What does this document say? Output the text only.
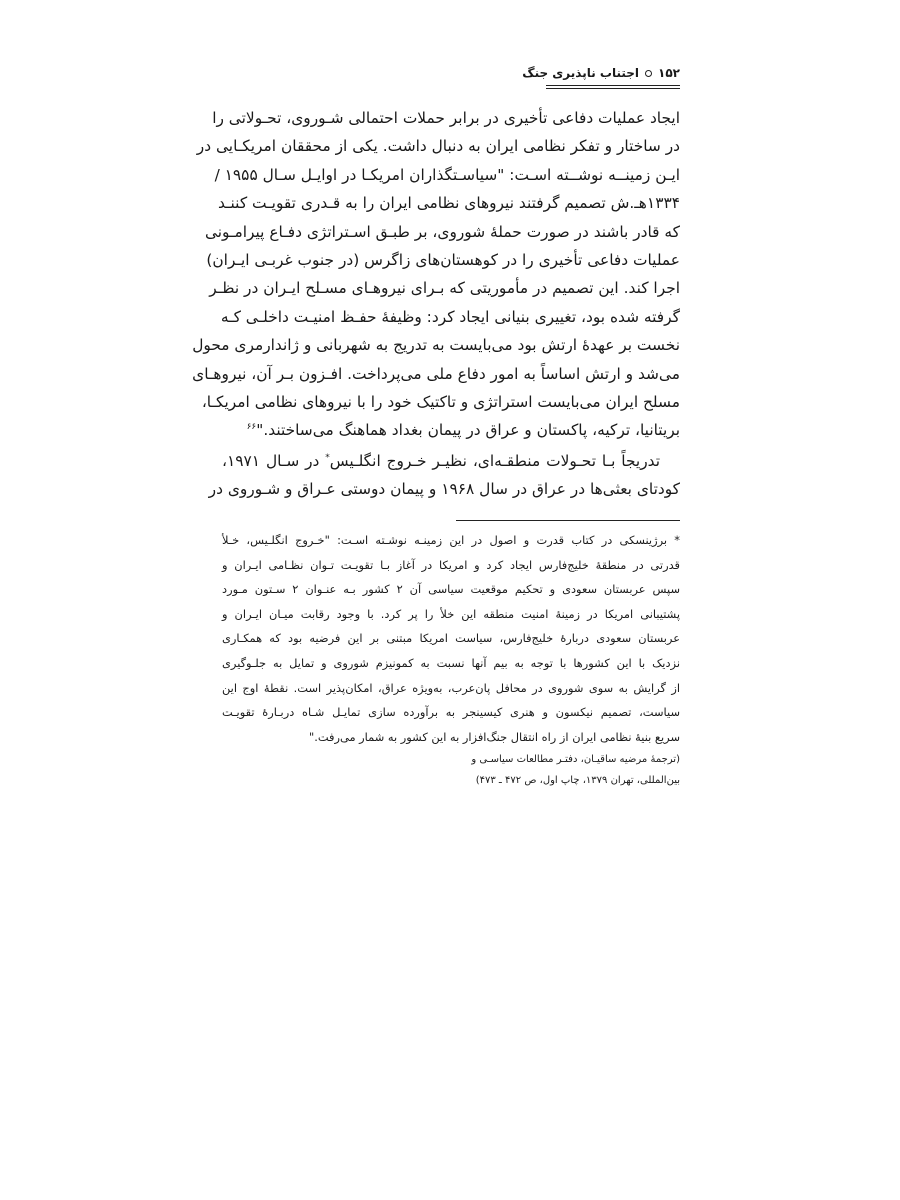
۱۵۲
اجتناب ناپذیری جنگ

ایجاد عملیات دفاعی تأخیری در برابر حملات احتمالی شـوروی، تحـولاتی را
در ساختار و تفکر نظامی ایران به دنبال داشت. یکی از محققان امریکـایی در
ایـن زمینــه نوشــته اسـت: "سیاسـتگذاران امریکـا در اوایـل سـال ۱۹۵۵ /
۱۳۳۴هـ.ش تصمیم گرفتند نیروهای نظامی ایران را به قـدری تقویـت کننـد
که قادر باشند در صورت حملهٔ شوروی، بر طبـق اسـتراتژی دفـاع پیرامـونی
عملیات دفاعی تأخیری را در کوهستان‌های زاگرس (در جنوب غربـی ایـران)
اجرا کند. این تصمیم در مأموریتی که بـرای نیروهـای مسـلح ایـران در نظـر
گرفته شده بود، تغییری بنیانی ایجاد کرد: وظیفهٔ حفـظ امنیـت داخلـی کـه
نخست بر عهدهٔ ارتش بود می‌بایست به تدریج به شهربانی و ژاندارمری محول
می‌شد و ارتش اساساً به امور دفاع ملی می‌پرداخت. افـزون بـر آن، نیروهـای
مسلح ایران می‌بایست استراتژی و تاکتیک خود را با نیروهای نظامی امریکـا،
بریتانیا، ترکیه، پاکستان و عراق در پیمان بغداد هماهنگ می‌ساختند."$^{۶۶}$

تدریجاً بـا تحـولات منطقـه‌ای، نظیـر خـروج انگلـیس* در سـال ۱۹۷۱،
کودتای بعثی‌ها در عراق در سال ۱۹۶۸ و پیمان دوستی عـراق و شـوروی در

* برژینسکی در کتاب قدرت و اصول در این زمینـه نوشـته اسـت: "خـروج انگلـیس، خـلأ
قدرتی در منطقهٔ خلیج‌فارس ایجاد کرد و امریکا در آغاز بـا تقویـت تـوان نظـامی ایـران و
سپس عربستان سعودی و تحکیم موقعیت سیاسی آن ۲ کشور بـه عنـوان ۲ سـتون مـورد
پشتیبانی امریکا در زمینهٔ امنیت منطقه این خلأ را پر کرد. با وجود رقابت میـان ایـران و
عربستان سعودی دربارهٔ خلیج‌فارس، سیاست امریکا مبتنی بر این فرضیه بود که همکـاری
نزدیک با این کشورها با توجه به بیم آنها نسبت به کمونیزم شوروی و تمایل به جلـوگیری
از گرایش به سوی شوروی در محافل پان‌عرب، به‌ویژه عراق، امکان‌پذیر است. نقطهٔ اوج این
سیاست، تصمیم نیکسون و هنری کیسینجر به برآورده سازی تمایـل شـاه دربـارهٔ تقویـت
سریع بنیهٔ نظامی ایران از راه انتقال جنگ‌افزار به این کشور به شمار می‌رفت."
(ترجمهٔ مرضیه ساقیـان، دفتـر مطالعات سیاسـی و
بین‌المللی، تهران ۱۳۷۹، چاپ اول، ص ۴۷۲ ـ ۴۷۳)
